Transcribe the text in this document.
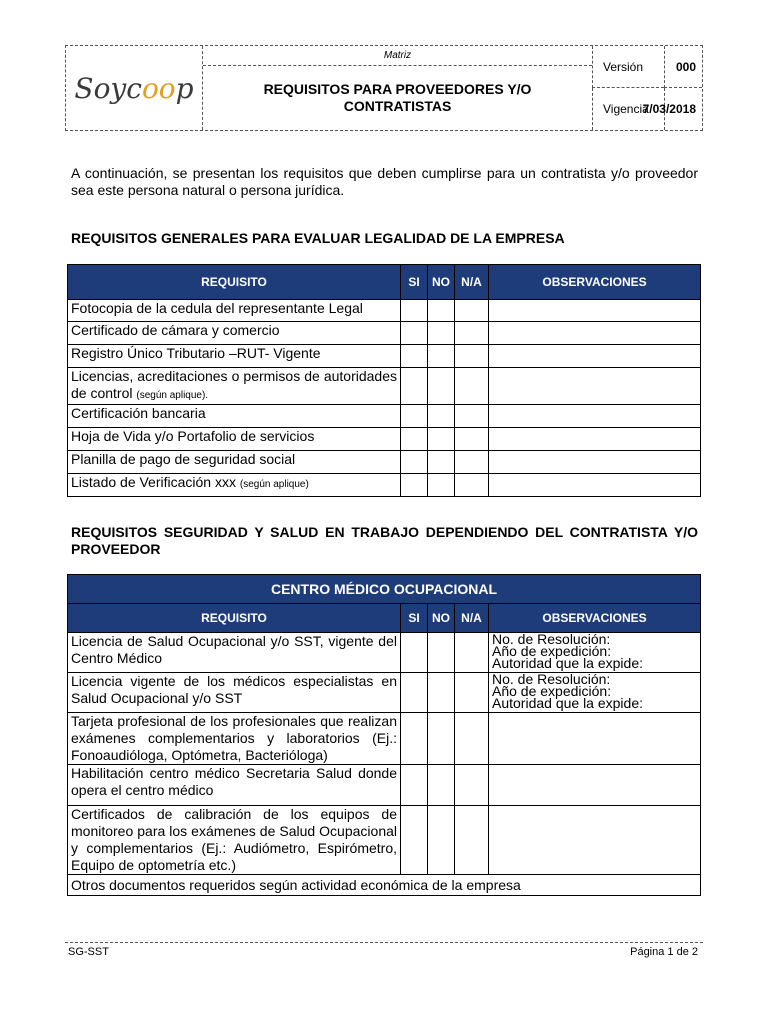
Soycoop
Matriz
REQUISITOS PARA PROVEEDORES Y/O CONTRATISTAS
Versión	000
Vigencia
7/03/2018
A continuación, se presentan los requisitos que deben cumplirse para un contratista y/o proveedor sea este persona natural o persona jurídica.
REQUISITOS GENERALES PARA EVALUAR LEGALIDAD DE LA EMPRESA
REQUISITO	SI	NO	N/A	OBSERVACIONES
Fotocopia de la cedula del representante Legal				
Certificado de cámara y comercio				
Registro Único Tributario –RUT- Vigente				
Licencias, acreditaciones o permisos de autoridades de control (según aplique).				
Certificación bancaria				
Hoja de Vida y/o Portafolio de servicios				
Planilla de pago de seguridad social				
Listado de Verificación xxx (según aplique)				
REQUISITOS SEGURIDAD Y SALUD EN TRABAJO DEPENDIENDO DEL CONTRATISTA Y/O PROVEEDOR
CENTRO MÉDICO OCUPACIONAL				
REQUISITO	SI	NO	N/A	OBSERVACIONES
Licencia de Salud Ocupacional y/o SST, vigente del Centro Médico				No. de Resolución:
Año de expedición:
Autoridad que la expide:

Licencia vigente de los médicos especialistas en Salud Ocupacional y/o SST				No. de Resolución:
Año de expedición:
Autoridad que la expide:

Tarjeta profesional de los profesionales que realizan exámenes complementarios y laboratorios (Ej.: Fonoaudióloga, Optómetra, Bacterióloga)				
Habilitación centro médico Secretaria Salud donde opera el centro médico				
Certificados de calibración de los equipos de monitoreo para los exámenes de Salud Ocupacional y complementarios (Ej.: Audiómetro, Espirómetro, Equipo de optometría etc.)				
Otros documentos requeridos según actividad económica de la empresa				
SG-SST	Página 1 de 2
